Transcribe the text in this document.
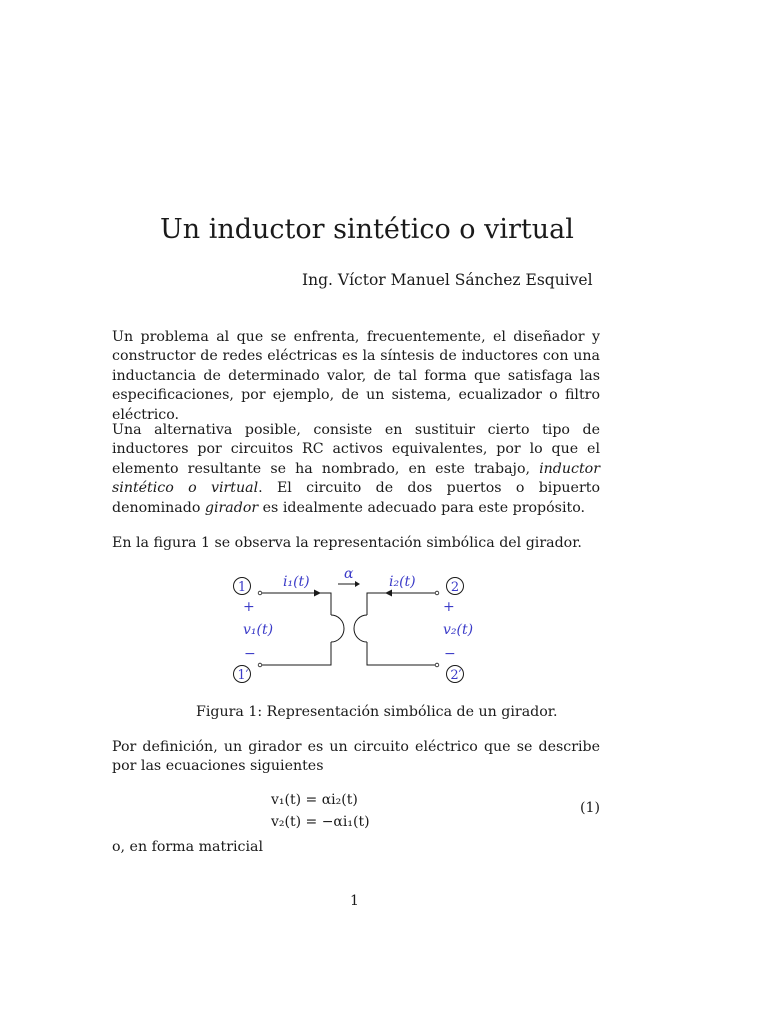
Un inductor sintético o virtual
Ing. Víctor Manuel Sánchez Esquivel

Un problema al que se enfrenta, frecuentemente, el diseñador y constructor de redes eléctricas es la síntesis de inductores con una inductancia de determinado valor, de tal forma que satisfaga las especificaciones, por ejemplo, de un sistema, ecualizador o filtro eléctrico.

Una alternativa posible, consiste en sustituir cierto tipo de inductores por circuitos RC activos equivalentes, por lo que el elemento resultante se ha nombrado, en este trabajo, inductor sintético o virtual. El circuito de dos puertos o bipuerto denominado girador es idealmente adecuado para este propósito.

En la figura 1 se observa la representación simbólica del girador.

1
1′
2
2′
i₁(t) α	i₂(t)
+
v₁(t)
−
+
v₂(t)
−
Figura 1: Representación simbólica de un girador.

Por definición, un girador es un circuito eléctrico que se describe por las ecuaciones siguientes

v₁(t) = αi₂(t)
v₂(t) = −αi₁(t)
(1)

o, en forma matricial

1
